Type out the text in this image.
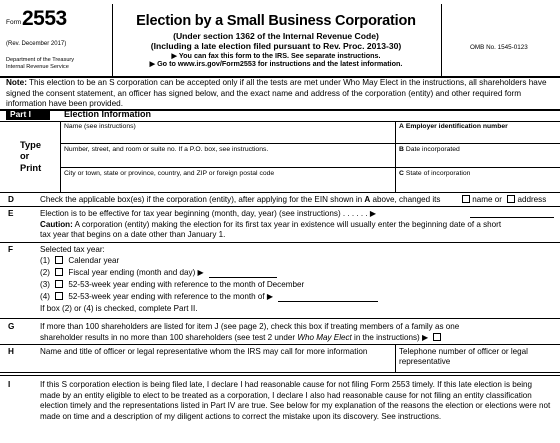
Form 2553
(Rev. December 2017)
Department of the Treasury
Internal Revenue Service
Election by a Small Business Corporation
(Under section 1362 of the Internal Revenue Code)
(Including a late election filed pursuant to Rev. Proc. 2013-30)
▶ You can fax this form to the IRS. See separate instructions.
▶ Go to www.irs.gov/Form2553 for instructions and the latest information.
OMB No. 1545-0123
Note: This election to be an S corporation can be accepted only if all the tests are met under Who May Elect in the instructions, all shareholders have signed the consent statement, an officer has signed below, and the exact name and address of the corporation (entity) and other required form information have been provided.
Part I	Election Information
Type
or
Print
Name (see instructions)	A Employer identification number
Number, street, and room or suite no. If a P.O. box, see instructions.	B Date incorporated
City or town, state or province, country, and ZIP or foreign postal code	C State of incorporation
D	Check the applicable box(es) if the corporation (entity), after applying for the EIN shown in A above, changed its	name or address
E	Election is to be effective for tax year beginning (month, day, year) (see instructions) . . . . . . ▶
Caution: A corporation (entity) making the election for its first tax year in existence will usually enter the beginning date of a short tax year that begins on a date other than January 1.
F	Selected tax year:
(1) Calendar year
(2) Fiscal year ending (month and day) ▶
(3) 52-53-week year ending with reference to the month of December
(4) 52-53-week year ending with reference to the month of ▶
If box (2) or (4) is checked, complete Part II.
G	If more than 100 shareholders are listed for item J (see page 2), check this box if treating members of a family as one
shareholder results in no more than 100 shareholders (see test 2 under Who May Elect in the instructions) ▶
H	Name and title of officer or legal representative whom the IRS may call for more information	Telephone number of officer or legal representative
I	If this S corporation election is being filed late, I declare I had reasonable cause for not filing Form 2553 timely. If this late election is being made by an entity eligible to elect to be treated as a corporation, I declare I also had reasonable cause for not filing an entity classification election timely and the representations listed in Part IV are true. See below for my explanation of the reasons the election or elections were not made on time and a description of my diligent actions to correct the mistake upon its discovery. See instructions.
